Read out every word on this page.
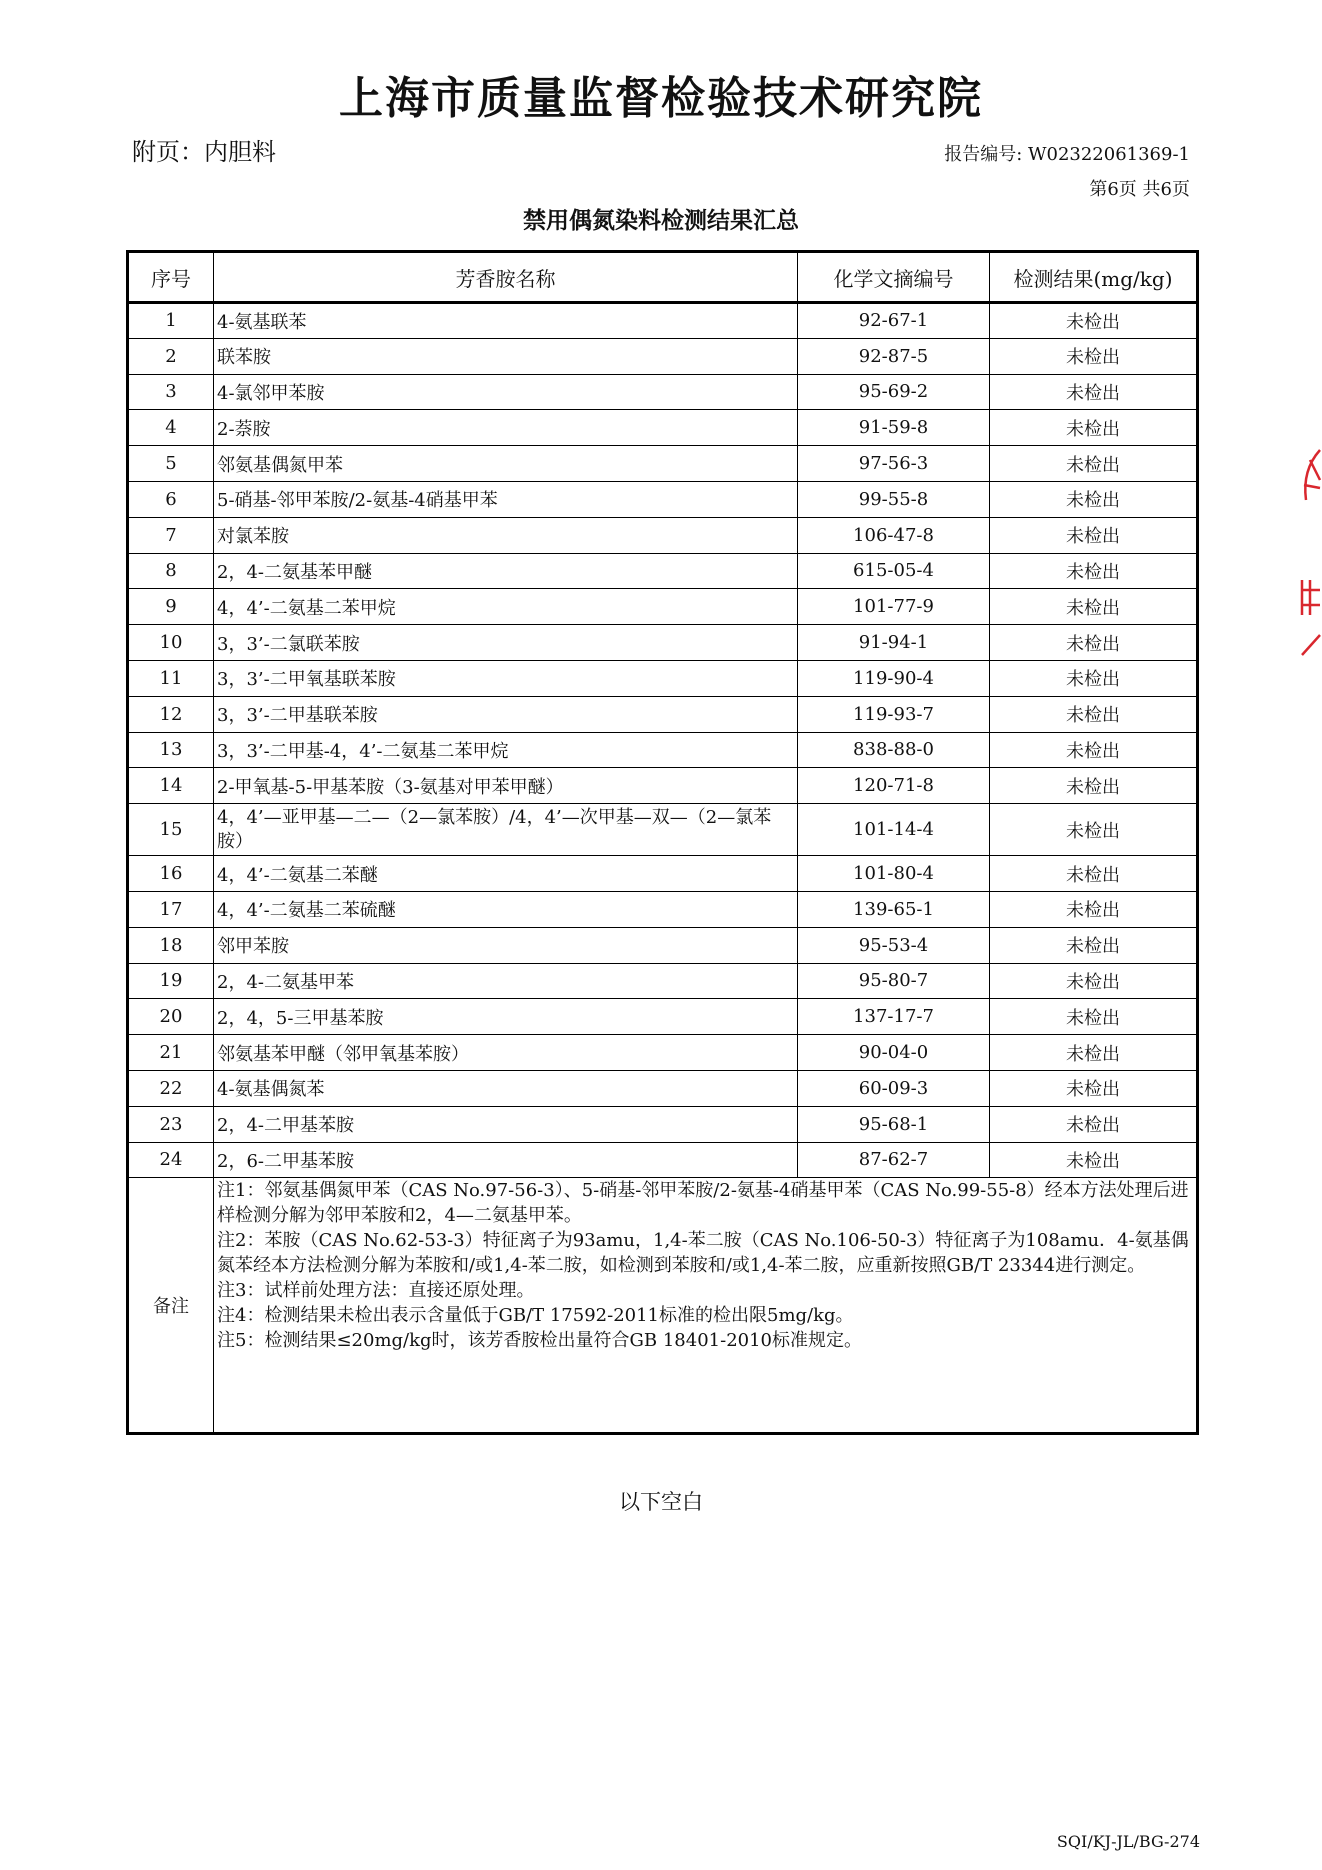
上海市质量监督检验技术研究院
附页：内胆料	报告编号: W02322061369-1
第6页 共6页
禁用偶氮染料检测结果汇总
序号	芳香胺名称	化学文摘编号	检测结果(mg/kg)
1	4-氨基联苯	92-67-1	未检出
2	联苯胺	92-87-5	未检出
3	4-氯邻甲苯胺	95-69-2	未检出
4	2-萘胺	91-59-8	未检出
5	邻氨基偶氮甲苯	97-56-3	未检出
6	5-硝基-邻甲苯胺/2-氨基-4硝基甲苯	99-55-8	未检出
7	对氯苯胺	106-47-8	未检出
8	2，4-二氨基苯甲醚	615-05-4	未检出
9	4，4’-二氨基二苯甲烷	101-77-9	未检出
10	3，3’-二氯联苯胺	91-94-1	未检出
11	3，3’-二甲氧基联苯胺	119-90-4	未检出
12	3，3’-二甲基联苯胺	119-93-7	未检出
13	3，3’-二甲基-4，4’-二氨基二苯甲烷	838-88-0	未检出
14	2-甲氧基-5-甲基苯胺（3-氨基对甲苯甲醚）	120-71-8	未检出
15	4，4’—亚甲基—二—（2—氯苯胺）/4，4’—次甲基—双—（2—氯苯胺）	101-14-4	未检出
16	4，4’-二氨基二苯醚	101-80-4	未检出
17	4，4’-二氨基二苯硫醚	139-65-1	未检出
18	邻甲苯胺	95-53-4	未检出
19	2，4-二氨基甲苯	95-80-7	未检出
20	2，4，5-三甲基苯胺	137-17-7	未检出
21	邻氨基苯甲醚（邻甲氧基苯胺）	90-04-0	未检出
22	4-氨基偶氮苯	60-09-3	未检出
23	2，4-二甲基苯胺	95-68-1	未检出
24	2，6-二甲基苯胺	87-62-7	未检出
备注	注1：邻氨基偶氮甲苯（CAS No.97-56-3）、5-硝基-邻甲苯胺/2-氨基-4硝基甲苯（CAS No.99-55-8）经本方法处理后进样检测分解为邻甲苯胺和2，4—二氨基甲苯。
注2：苯胺（CAS No.62-53-3）特征离子为93amu，1,4-苯二胺（CAS No.106-50-3）特征离子为108amu．4-氨基偶氮苯经本方法检测分解为苯胺和/或1,4-苯二胺，如检测到苯胺和/或1,4-苯二胺，应重新按照GB/T 23344进行测定。
注3：试样前处理方法：直接还原处理。
注4：检测结果未检出表示含量低于GB/T 17592-2011标准的检出限5mg/kg。
注5：检测结果≤20mg/kg时，该芳香胺检出量符合GB 18401-2010标准规定。		
以下空白
SQI/KJ-JL/BG-274
